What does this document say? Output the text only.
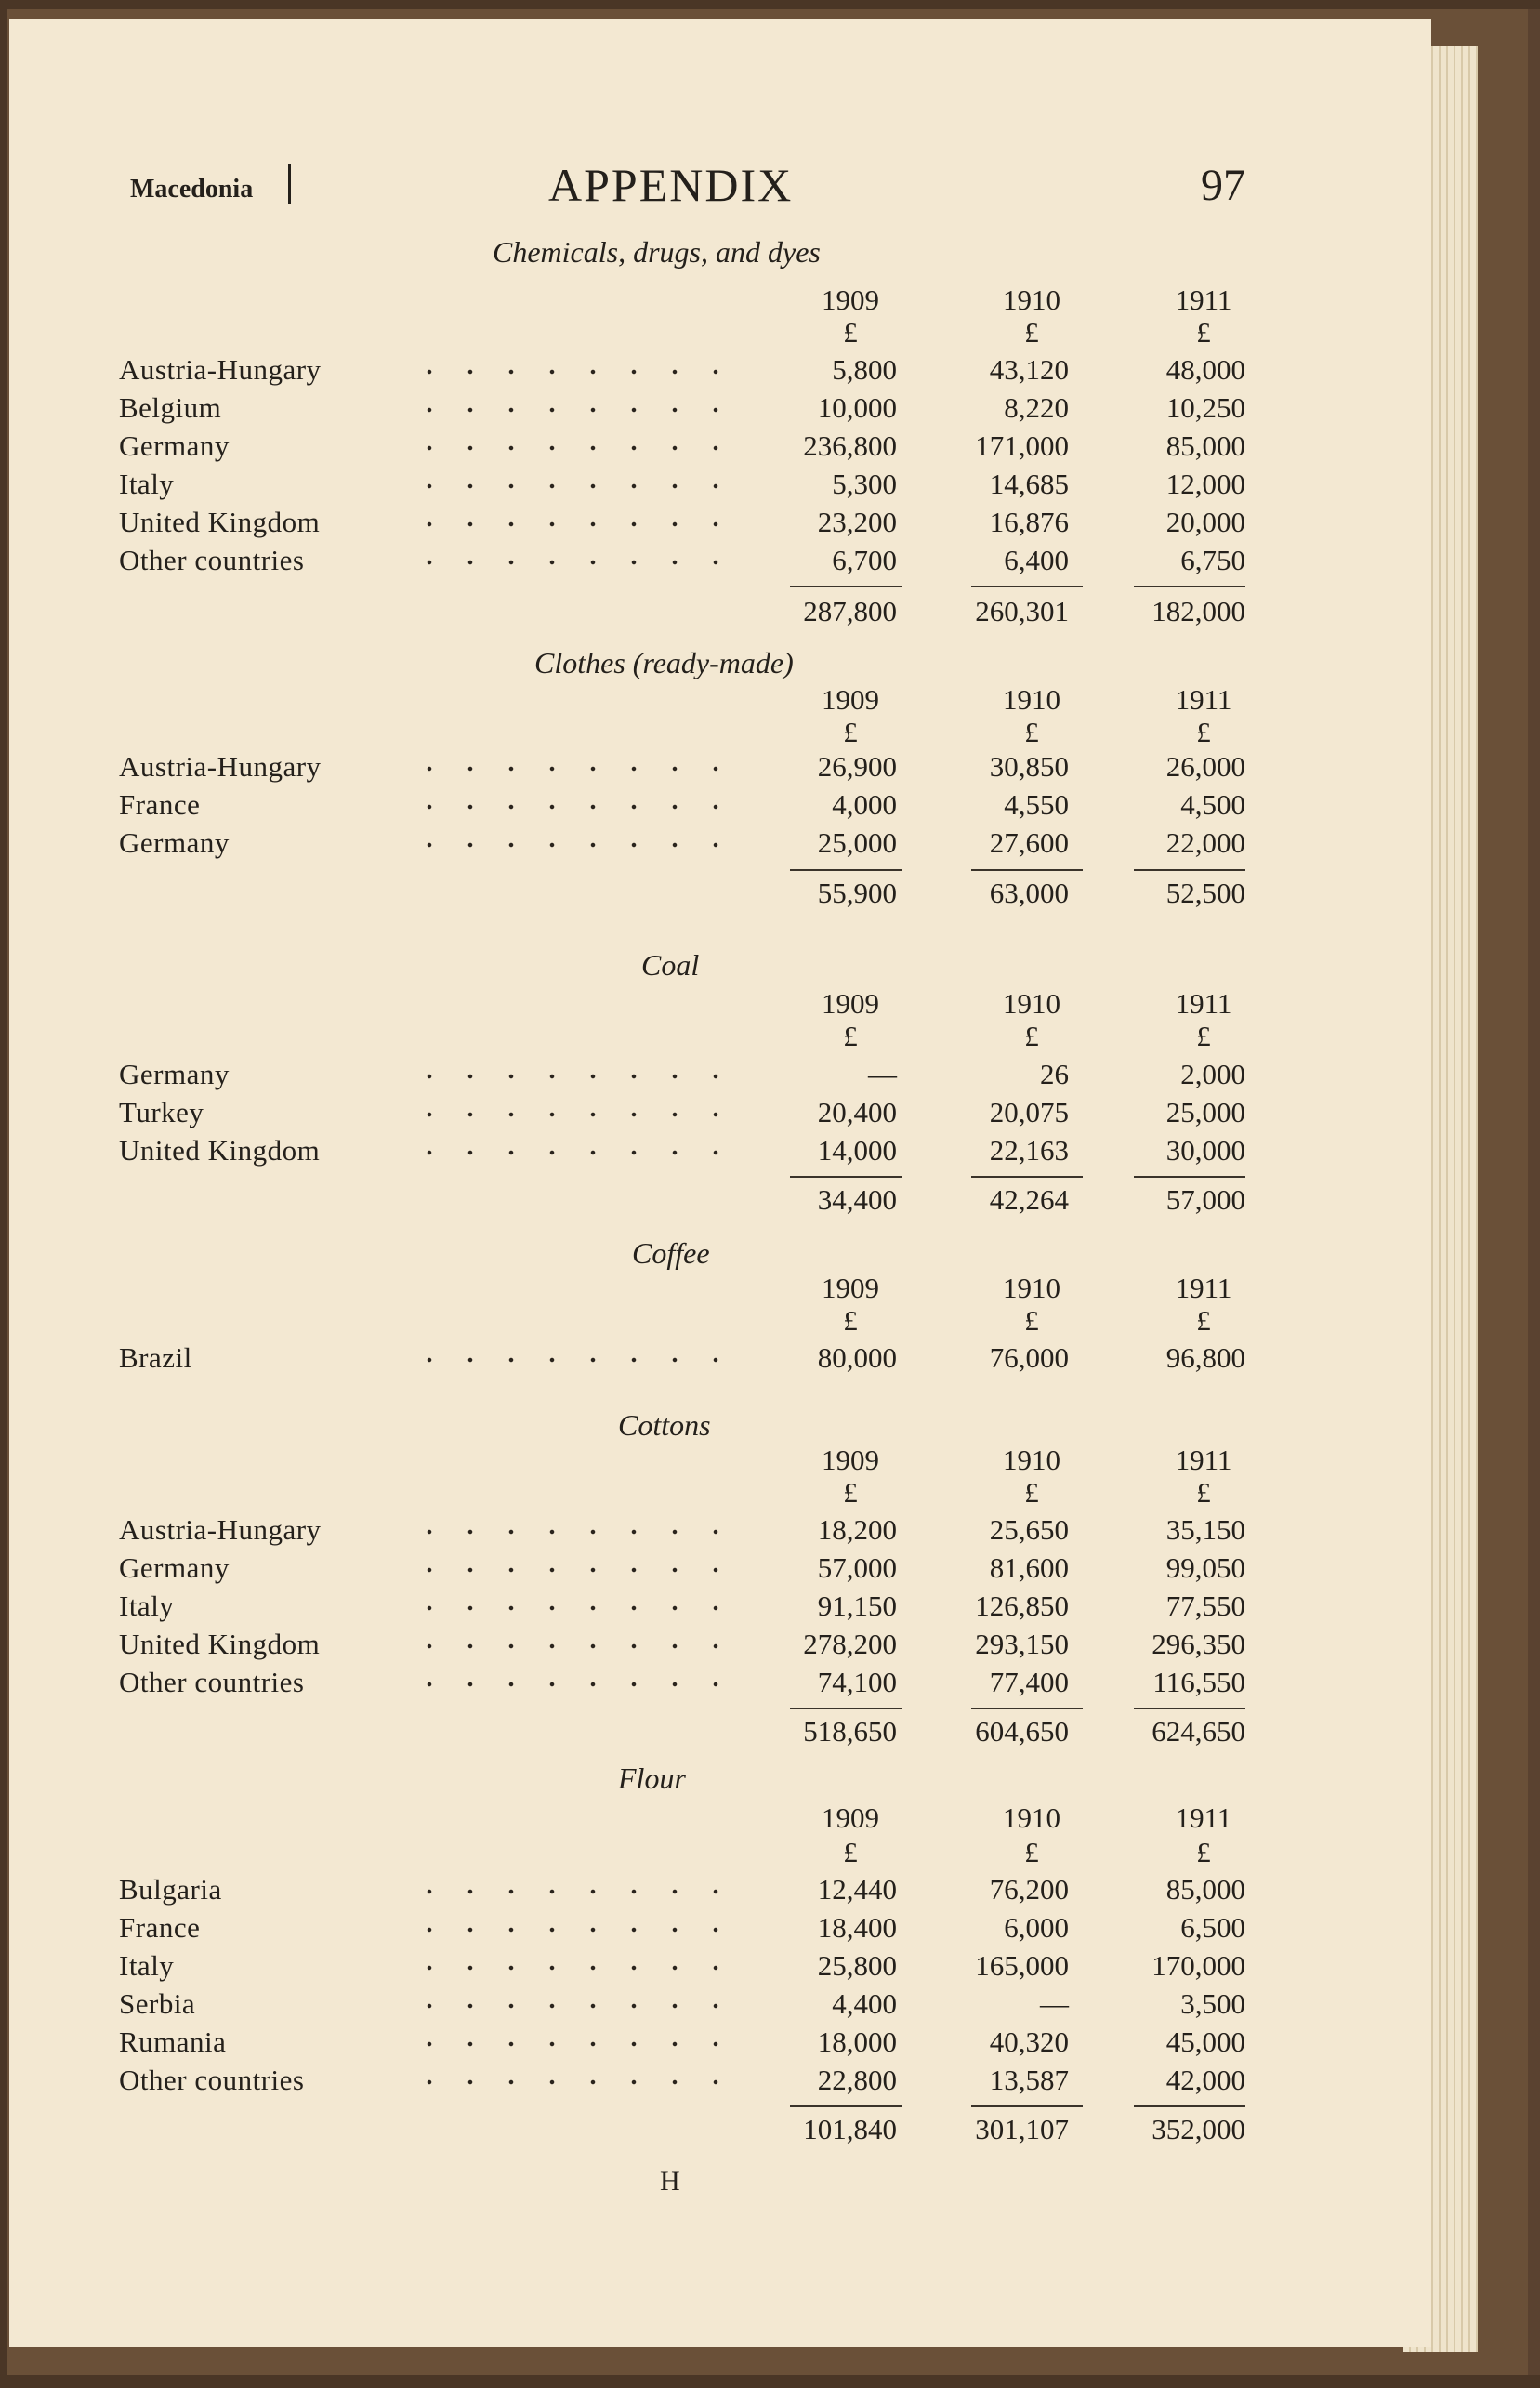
Macedonia	APPENDIX	97
Chemicals, drugs, and dyes
1909	1910	1911
£	£	£
Austria-Hungary	5,800	43,120	48,000
Belgium	10,000	8,220	10,250
Germany	236,800	171,000	85,000
Italy	5,300	14,685	12,000
United Kingdom	23,200	16,876	20,000
Other countries	6,700	6,400	6,750
287,800	260,301	182,000
Clothes (ready-made)
1909	1910	1911
£	£	£
Austria-Hungary	26,900	30,850	26,000
France	4,000	4,550	4,500
Germany	25,000	27,600	22,000
55,900	63,000	52,500
Coal
1909	1910	1911
£	£	£
Germany	—	26	2,000
Turkey	20,400	20,075	25,000
United Kingdom	14,000	22,163	30,000
34,400	42,264	57,000
Coffee
1909	1910	1911
£	£	£
Brazil	80,000	76,000	96,800
Cottons
1909	1910	1911
£	£	£
Austria-Hungary	18,200	25,650	35,150
Germany	57,000	81,600	99,050
Italy	91,150	126,850	77,550
United Kingdom	278,200	293,150	296,350
Other countries	74,100	77,400	116,550
518,650	604,650	624,650
Flour
1909	1910	1911
£	£	£
Bulgaria	12,440	76,200	85,000
France	18,400	6,000	6,500
Italy	25,800	165,000	170,000
Serbia	4,400	—	3,500
Rumania	18,000	40,320	45,000
Other countries	22,800	13,587	42,000
101,840	301,107	352,000
H
